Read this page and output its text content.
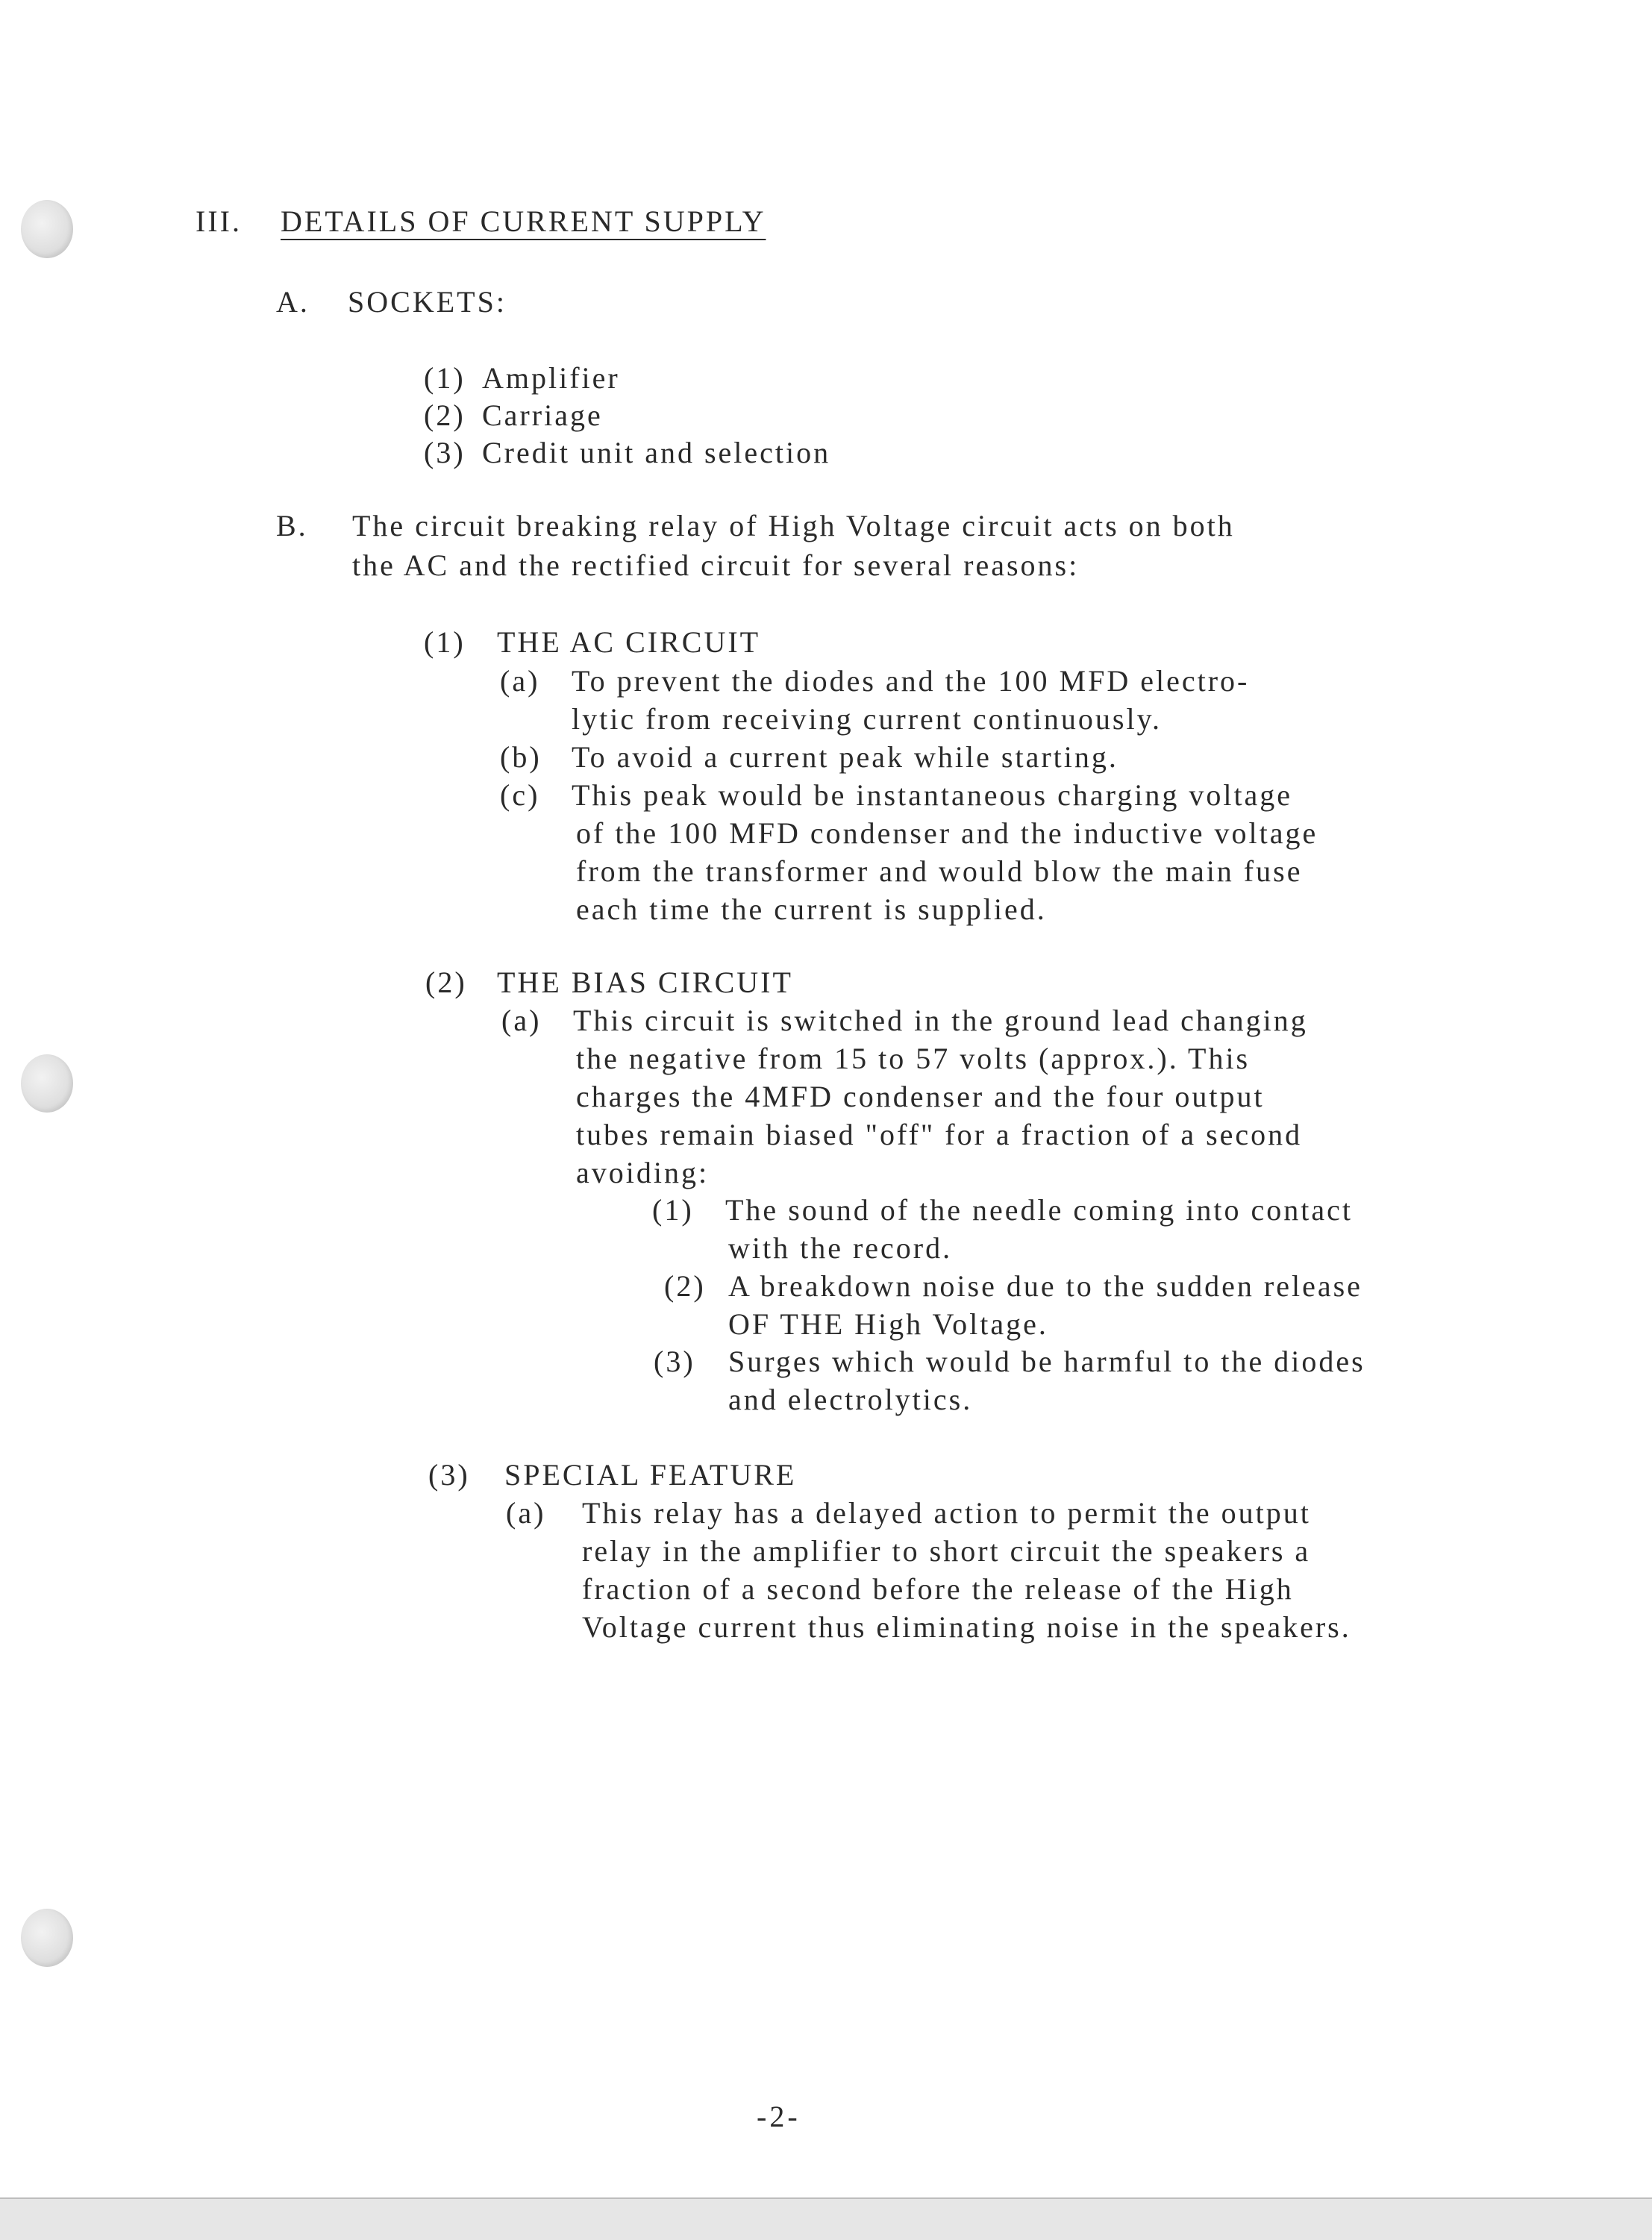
III. DETAILS OF CURRENT SUPPLY
A. SOCKETS:
(1) Amplifier
(2) Carriage
(3) Credit unit and selection
B. The circuit breaking relay of High Voltage circuit acts on both
the AC and the rectified circuit for several reasons:
(1) THE AC CIRCUIT
(a) To prevent the diodes and the 100 MFD electro-
lytic from receiving current continuously.
(b) To avoid a current peak while starting.
(c) This peak would be instantaneous charging voltage
of the 100 MFD condenser and the inductive voltage
from the transformer and would blow the main fuse
each time the current is supplied.
(2) THE BIAS CIRCUIT
(a) This circuit is switched in the ground lead changing
the negative from 15 to 57 volts (approx.). This
charges the 4MFD condenser and the four output
tubes remain biased "off" for a fraction of a second
avoiding:
(1) The sound of the needle coming into contact
with the record.
(2) A breakdown noise due to the sudden release
OF THE High Voltage.
(3) Surges which would be harmful to the diodes
and electrolytics.
(3) SPECIAL FEATURE
(a) This relay has a delayed action to permit the output
relay in the amplifier to short circuit the speakers a
fraction of a second before the release of the High
Voltage current thus eliminating noise in the speakers.
-2-
